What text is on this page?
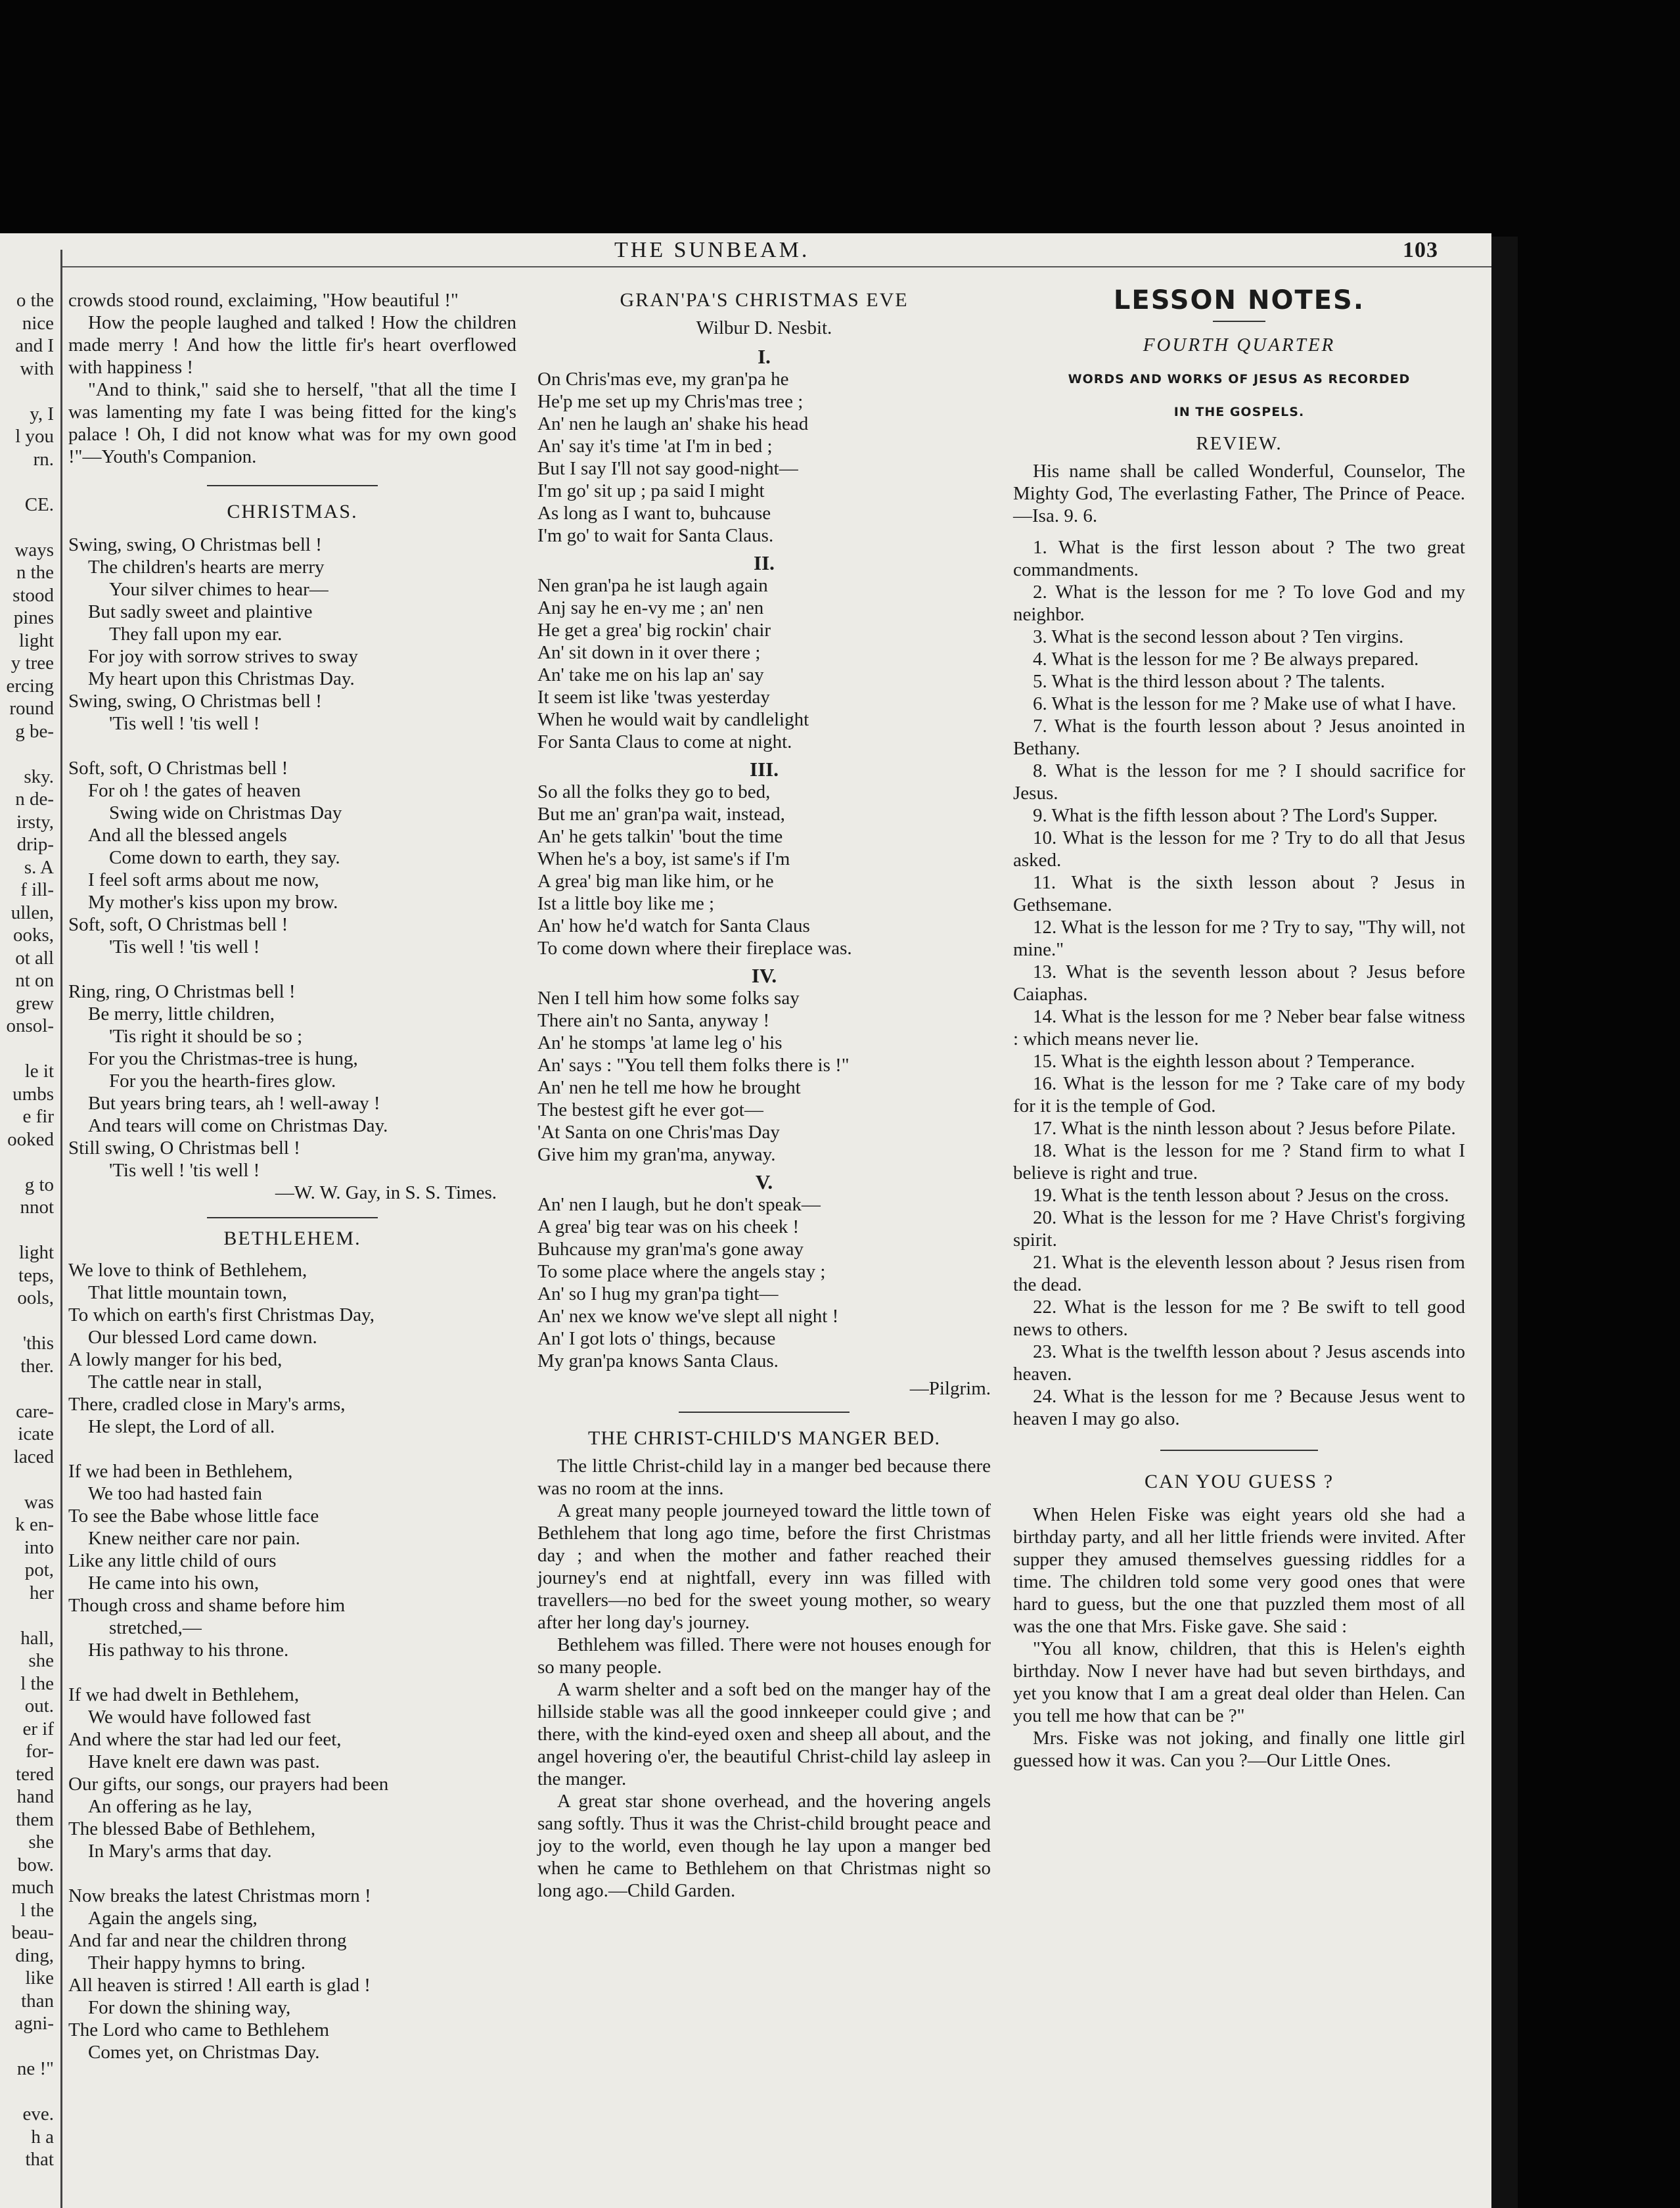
THE SUNBEAM.	103
o the
nice
and I
with
y, I
l you
rn.
CE.
ways
n the
stood
pines
light
y tree
ercing
round
g be-
sky.
n de-
irsty,
drip-
s. A
f ill-
ullen,
ooks,
ot all
nt on
grew
onsol-
le it
umbs
e fir
ooked
g to
nnot
light
teps,
ools,
'this
ther.
care-
icate
laced
was
k en-
into
pot,
her
hall,
she
l the
out.
er if
for-
tered
hand
them
she
bow.
much
l the
beau-
ding,
like
than
agni-
ne !"
eve.
h a
that

crowds stood round, exclaiming, "How beautiful !"

How the people laughed and talked ! How the children made merry ! And how the little fir's heart overflowed with happiness !

"And to think," said she to herself, "that all the time I was lamenting my fate I was being fitted for the king's palace ! Oh, I did not know what was for my own good !"—Youth's Companion.

CHRISTMAS.

Swing, swing, O Christmas bell !

The children's hearts are merry

Your silver chimes to hear—

But sadly sweet and plaintive

They fall upon my ear.

For joy with sorrow strives to sway

My heart upon this Christmas Day.

Swing, swing, O Christmas bell !

'Tis well ! 'tis well !

Soft, soft, O Christmas bell !

For oh ! the gates of heaven

Swing wide on Christmas Day

And all the blessed angels

Come down to earth, they say.

I feel soft arms about me now,

My mother's kiss upon my brow.

Soft, soft, O Christmas bell !

'Tis well ! 'tis well !

Ring, ring, O Christmas bell !

Be merry, little children,

'Tis right it should be so ;

For you the Christmas-tree is hung,

For you the hearth-fires glow.

But years bring tears, ah ! well-away !

And tears will come on Christmas Day.

Still swing, O Christmas bell !

'Tis well ! 'tis well !

—W. W. Gay, in S. S. Times.

BETHLEHEM.

We love to think of Bethlehem,

That little mountain town,

To which on earth's first Christmas Day,

Our blessed Lord came down.

A lowly manger for his bed,

The cattle near in stall,

There, cradled close in Mary's arms,

He slept, the Lord of all.

If we had been in Bethlehem,

We too had hasted fain

To see the Babe whose little face

Knew neither care nor pain.

Like any little child of ours

He came into his own,

Though cross and shame before him

stretched,—

His pathway to his throne.

If we had dwelt in Bethlehem,

We would have followed fast

And where the star had led our feet,

Have knelt ere dawn was past.

Our gifts, our songs, our prayers had been

An offering as he lay,

The blessed Babe of Bethlehem,

In Mary's arms that day.

Now breaks the latest Christmas morn !

Again the angels sing,

And far and near the children throng

Their happy hymns to bring.

All heaven is stirred ! All earth is glad !

For down the shining way,

The Lord who came to Bethlehem

Comes yet, on Christmas Day.

GRAN'PA'S CHRISTMAS EVE

Wilbur D. Nesbit.

I.

On Chris'mas eve, my gran'pa he

He'p me set up my Chris'mas tree ;

An' nen he laugh an' shake his head

An' say it's time 'at I'm in bed ;

But I say I'll not say good-night—

I'm go' sit up ; pa said I might

As long as I want to, buhcause

I'm go' to wait for Santa Claus.

II.

Nen gran'pa he ist laugh again

Anj say he en-vy me ; an' nen

He get a grea' big rockin' chair

An' sit down in it over there ;

An' take me on his lap an' say

It seem ist like 'twas yesterday

When he would wait by candlelight

For Santa Claus to come at night.

III.

So all the folks they go to bed,

But me an' gran'pa wait, instead,

An' he gets talkin' 'bout the time

When he's a boy, ist same's if I'm

A grea' big man like him, or he

Ist a little boy like me ;

An' how he'd watch for Santa Claus

To come down where their fireplace was.

IV.

Nen I tell him how some folks say

There ain't no Santa, anyway !

An' he stomps 'at lame leg o' his

An' says : "You tell them folks there is !"

An' nen he tell me how he brought

The bestest gift he ever got—

'At Santa on one Chris'mas Day

Give him my gran'ma, anyway.

V.

An' nen I laugh, but he don't speak—

A grea' big tear was on his cheek !

Buhcause my gran'ma's gone away

To some place where the angels stay ;

An' so I hug my gran'pa tight—

An' nex we know we've slept all night !

An' I got lots o' things, because

My gran'pa knows Santa Claus.

—Pilgrim.

THE CHRIST-CHILD'S MANGER BED.

The little Christ-child lay in a manger bed because there was no room at the inns.

A great many people journeyed toward the little town of Bethlehem that long ago time, before the first Christmas day ; and when the mother and father reached their journey's end at nightfall, every inn was filled with travellers—no bed for the sweet young mother, so weary after her long day's journey.

Bethlehem was filled. There were not houses enough for so many people.

A warm shelter and a soft bed on the manger hay of the hillside stable was all the good innkeeper could give ; and there, with the kind-eyed oxen and sheep all about, and the angel hovering o'er, the beautiful Christ-child lay asleep in the manger.

A great star shone overhead, and the hovering angels sang softly. Thus it was the Christ-child brought peace and joy to the world, even though he lay upon a manger bed when he came to Bethlehem on that Christmas night so long ago.—Child Garden.

LESSON NOTES.

FOURTH QUARTER

WORDS AND WORKS OF JESUS AS RECORDED

IN THE GOSPELS.

REVIEW.

His name shall be called Wonderful, Counselor, The Mighty God, The everlasting Father, The Prince of Peace.—Isa. 9. 6.

1. What is the first lesson about ? The two great commandments.

2. What is the lesson for me ? To love God and my neighbor.

3. What is the second lesson about ? Ten virgins.

4. What is the lesson for me ? Be always prepared.

5. What is the third lesson about ? The talents.

6. What is the lesson for me ? Make use of what I have.

7. What is the fourth lesson about ? Jesus anointed in Bethany.

8. What is the lesson for me ? I should sacrifice for Jesus.

9. What is the fifth lesson about ? The Lord's Supper.

10. What is the lesson for me ? Try to do all that Jesus asked.

11. What is the sixth lesson about ? Jesus in Gethsemane.

12. What is the lesson for me ? Try to say, "Thy will, not mine."

13. What is the seventh lesson about ? Jesus before Caiaphas.

14. What is the lesson for me ? Neber bear false witness : which means never lie.

15. What is the eighth lesson about ? Temperance.

16. What is the lesson for me ? Take care of my body for it is the temple of God.

17. What is the ninth lesson about ? Jesus before Pilate.

18. What is the lesson for me ? Stand firm to what I believe is right and true.

19. What is the tenth lesson about ? Jesus on the cross.

20. What is the lesson for me ? Have Christ's forgiving spirit.

21. What is the eleventh lesson about ? Jesus risen from the dead.

22. What is the lesson for me ? Be swift to tell good news to others.

23. What is the twelfth lesson about ? Jesus ascends into heaven.

24. What is the lesson for me ? Because Jesus went to heaven I may go also.

CAN YOU GUESS ?

When Helen Fiske was eight years old she had a birthday party, and all her little friends were invited. After supper they amused themselves guessing riddles for a time. The children told some very good ones that were hard to guess, but the one that puzzled them most of all was the one that Mrs. Fiske gave. She said :

"You all know, children, that this is Helen's eighth birthday. Now I never have had but seven birthdays, and yet you know that I am a great deal older than Helen. Can you tell me how that can be ?"

Mrs. Fiske was not joking, and finally one little girl guessed how it was. Can you ?—Our Little Ones.
